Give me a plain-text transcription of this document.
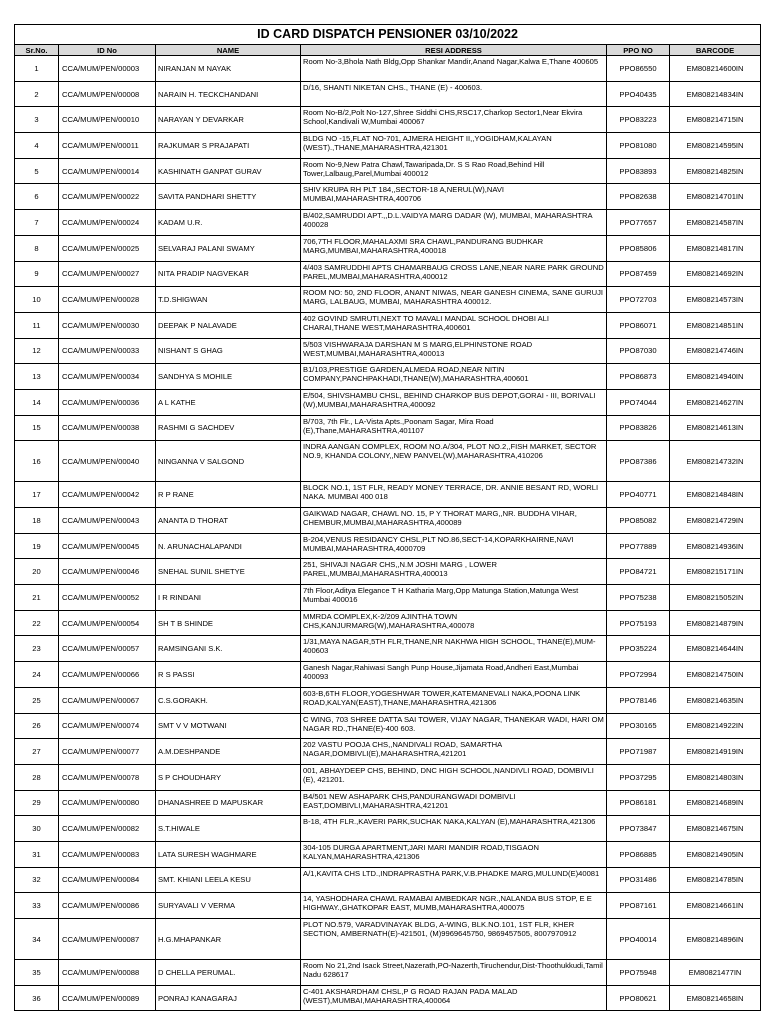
ID CARD DISPATCH PENSIONER 03/10/2022					
Sr.No.	ID No	NAME	RESI ADDRESS	PPO NO	BARCODE
1	CCA/MUM/PEN/00003	NIRANJAN M NAYAK	Room No-3,Bhola Nath Bldg,Opp Shankar Mandir,Anand Nagar,Kalwa E,Thane 400605	PPO86550	EM808214600IN
2	CCA/MUM/PEN/00008	NARAIN H. TECKCHANDANI	D/16, SHANTI NIKETAN CHS., THANE (E) - 400603.	PPO40435	EM808214834IN
3	CCA/MUM/PEN/00010	NARAYAN Y DEVARKAR	Room No-B/2,Polt No-127,Shree Siddhi CHS,RSC17,Charkop Sector1,Near Ekvira School,Kandivali W,Mumbai 400067	PPO83223	EM808214715IN
4	CCA/MUM/PEN/00011	RAJKUMAR S PRAJAPATI	BLDG NO -15,FLAT NO-701, AJMERA HEIGHT II,,YOGIDHAM,KALAYAN (WEST).,THANE,MAHARASHTRA,421301	PPO81080	EM808214595IN
5	CCA/MUM/PEN/00014	KASHINATH GANPAT GURAV	Room No-9,New Patra Chawl,Tawaripada,Dr. S S Rao Road,Behind Hill Tower,Lalbaug,Parel,Mumbai 400012	PPO83893	EM808214825IN
6	CCA/MUM/PEN/00022	SAVITA PANDHARI SHETTY	SHIV KRUPA RH PLT 184,,SECTOR-18 A,NERUL(W),NAVI MUMBAI,MAHARASHTRA,400706	PPO82638	EM808214701IN
7	CCA/MUM/PEN/00024	KADAM U.R.	B/402,SAMRUDDI APT.,,D.L.VAIDYA MARG DADAR (W), MUMBAI, MAHARASHTRA 400028	PPO77657	EM808214587IN
8	CCA/MUM/PEN/00025	SELVARAJ PALANI SWAMY	706,7TH FLOOR,MAHALAXMI SRA CHAWL,PANDURANG BUDHKAR MARG,MUMBAI,MAHARASHTRA,400018	PPO85806	EM808214817IN
9	CCA/MUM/PEN/00027	NITA PRADIP NAGVEKAR	4/403 SAMRUDDHI APTS CHAMARBAUG CROSS LANE,NEAR NARE PARK GROUND PAREL,MUMBAI,MAHARASHTRA,400012	PPO87459	EM808214692IN
10	CCA/MUM/PEN/00028	T.D.SHIGWAN	ROOM NO: 50, 2ND FLOOR, ANANT NIWAS, NEAR GANESH CINEMA, SANE GURUJI MARG, LALBAUG, MUMBAI, MAHARASHTRA 400012.	PPO72703	EM808214573IN
11	CCA/MUM/PEN/00030	DEEPAK P NALAVADE	402 GOVIND SMRUTI,NEXT TO MAVALI MANDAL SCHOOL DHOBI ALI CHARAI,THANE WEST,MAHARASHTRA,400601	PPO86071	EM808214851IN
12	CCA/MUM/PEN/00033	NISHANT S GHAG	5/503 VISHWARAJA DARSHAN M S MARG,ELPHINSTONE ROAD WEST,MUMBAI,MAHARASHTRA,400013	PPO87030	EM808214746IN
13	CCA/MUM/PEN/00034	SANDHYA S MOHILE	B1/103,PRESTIGE GARDEN,ALMEDA ROAD,NEAR NITIN COMPANY,PANCHPAKHADI,THANE(W),MAHARASHTRA,400601	PPO86873	EM808214940IN
14	CCA/MUM/PEN/00036	A L KATHE	E/504, SHIVSHAMBU CHSL, BEHIND CHARKOP BUS DEPOT,GORAI - III, BORIVALI (W),MUMBAI,MAHARASHTRA,400092	PPO74044	EM808214627IN
15	CCA/MUM/PEN/00038	RASHMI G SACHDEV	B/703, 7th Flr., LA-Vista Apts.,Poonam Sagar, Mira Road (E),Thane,MAHARASHTRA,401107	PPO83826	EM808214613IN
16	CCA/MUM/PEN/00040	NINGANNA V SALGOND	INDRA AANGAN COMPLEX, ROOM NO.A/304, PLOT NO.2,,FISH MARKET, SECTOR NO.9, KHANDA COLONY,,NEW PANVEL(W),MAHARASHTRA,410206	PPO87386	EM808214732IN
17	CCA/MUM/PEN/00042	R P RANE	BLOCK NO.1, 1ST FLR, READY MONEY TERRACE, DR. ANNIE BESANT RD, WORLI NAKA. MUMBAI 400 018	PPO40771	EM808214848IN
18	CCA/MUM/PEN/00043	ANANTA D THORAT	GAIKWAD NAGAR, CHAWL NO. 15, P Y THORAT MARG,,NR. BUDDHA VIHAR, CHEMBUR,MUMBAI,MAHARASHTRA,400089	PPO85082	EM808214729IN
19	CCA/MUM/PEN/00045	N. ARUNACHALAPANDI	B-204,VENUS RESIDANCY CHSL,PLT NO.86,SECT-14,KOPARKHAIRNE,NAVI MUMBAI,MAHARASHTRA,4000709	PPO77889	EM808214936IN
20	CCA/MUM/PEN/00046	SNEHAL SUNIL SHETYE	251, SHIVAJI NAGAR CHS,,N.M JOSHI MARG , LOWER PAREL,MUMBAI,MAHARASHTRA,400013	PPO84721	EM808215171IN
21	CCA/MUM/PEN/00052	I R RINDANI	7th Floor,Aditya Elegance T H Katharia Marg,Opp Matunga Station,Matunga West Mumbai 400016	PPO75238	EM808215052IN
22	CCA/MUM/PEN/00054	SH T B SHINDE	MMRDA COMPLEX,K-2/209 AJINTHA TOWN CHS,KANJURMARG(W),MAHARASHTRA,400078	PPO75193	EM808214879IN
23	CCA/MUM/PEN/00057	RAMSINGANI S.K.	1/31,MAYA NAGAR,5TH FLR,THANE,NR NAKHWA HIGH SCHOOL, THANE(E),MUM-400603	PPO35224	EM808214644IN
24	CCA/MUM/PEN/00066	R S PASSI	Ganesh Nagar,Rahiwasi Sangh Punp House,Jijamata Road,Andheri East,Mumbai 400093	PPO72994	EM808214750IN
25	CCA/MUM/PEN/00067	C.S.GORAKH.	603-B,6TH FLOOR,YOGESHWAR TOWER,KATEMANEVALI NAKA,POONA LINK ROAD,KALYAN(EAST),THANE,MAHARASHTRA,421306	PPO78146	EM808214635IN
26	CCA/MUM/PEN/00074	SMT V V MOTWANI	C WING, 703 SHREE DATTA SAI TOWER, VIJAY NAGAR, THANEKAR WADI, HARI OM NAGAR RD.,THANE(E)-400 603.	PPO30165	EM808214922IN
27	CCA/MUM/PEN/00077	A.M.DESHPANDE	202 VASTU POOJA CHS,,NANDIVALI ROAD, SAMARTHA NAGAR,DOMBIVLI(E),MAHARASHTRA,421201	PPO71987	EM808214919IN
28	CCA/MUM/PEN/00078	S P CHOUDHARY	001, ABHAYDEEP CHS, BEHIND, DNC HIGH SCHOOL,NANDIVLI ROAD, DOMBIVLI (E), 421201.	PPO37295	EM808214803IN
29	CCA/MUM/PEN/00080	DHANASHREE D MAPUSKAR	B4/501 NEW ASHAPARK CHS,PANDURANGWADI DOMBIVLI EAST,DOMBIVLI,MAHARASHTRA,421201	PPO86181	EM808214689IN
30	CCA/MUM/PEN/00082	S.T.HIWALE	B-18, 4TH FLR.,KAVERI PARK,SUCHAK NAKA,KALYAN (E),MAHARASHTRA,421306	PPO73847	EM808214675IN
31	CCA/MUM/PEN/00083	LATA SURESH WAGHMARE	304-105 DURGA APARTMENT,JARI MARI MANDIR ROAD,TISGAON KALYAN,MAHARASHTRA,421306	PPO86885	EM808214905IN
32	CCA/MUM/PEN/00084	SMT. KHIANI LEELA KESU	A/1,KAVITA CHS LTD.,INDRAPRASTHA PARK,V.B.PHADKE MARG,MULUND(E)40081	PPO31486	EM808214785IN
33	CCA/MUM/PEN/00086	SURYAVALI V VERMA	14, YASHODHARA CHAWL RAMABAI AMBEDKAR NGR.,NALANDA BUS STOP, E E HIGHWAY.,GHATKOPAR EAST, MUMB,MAHARASHTRA,400075	PPO87161	EM808214661IN
34	CCA/MUM/PEN/00087	H.G.MHAPANKAR	PLOT NO.579, VARADVINAYAK BLDG, A-WING, BLK.NO.101, 1ST FLR, KHER SECTION, AMBERNATH(E)-421501, (M)9969645750, 9869457505, 8007970912	PPO40014	EM808214896IN
35	CCA/MUM/PEN/00088	D CHELLA PERUMAL.	Room No 21,2nd Isack Street,Nazerath,PO-Nazerth,Tiruchendur,Dist-Thoothukkudi,Tamil Nadu 628617	PPO75948	EM80821477IN
36	CCA/MUM/PEN/00089	PONRAJ KANAGARAJ	C-401 AKSHARDHAM CHSL,P G ROAD RAJAN PADA MALAD (WEST),MUMBAI,MAHARASHTRA,400064	PPO80621	EM808214658IN
